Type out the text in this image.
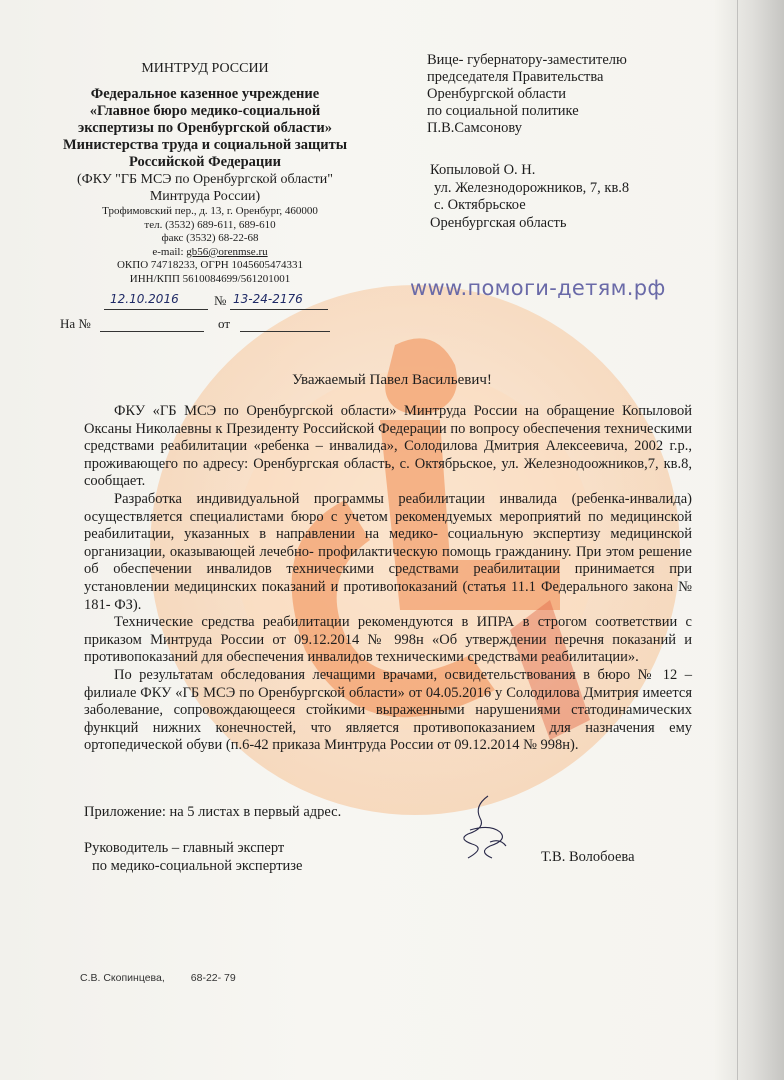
МИНТРУД РОССИИ
Федеральное казенное учреждение
«Главное бюро медико-социальной
экспертизы по Оренбургской области»
Министерства труда и социальной защиты
Российской Федерации
(ФКУ "ГБ МСЭ по Оренбургской области"
Минтруда России)
Трофимовский пер., д. 13, г. Оренбург, 460000
тел. (3532) 689-611, 689-610
факс (3532) 68-22-68
e-mail: gb56@orenmse.ru
ОКПО 74718233, ОГРН 1045605474331
ИНН/КПП 5610084699/561201001
12.10.2016	№ 13-24-2176
На №	от
Вице- губернатору-заместителю
председателя Правительства
Оренбургской области
по социальной политике
П.В.Самсонову
Копыловой О. Н.
ул. Железнодорожников, 7, кв.8
с. Октябрьское
Оренбургская область
www.помоги-детям.рф
Уважаемый Павел Васильевич!

ФКУ «ГБ МСЭ по Оренбургской области» Минтруда России на обращение Копыловой Оксаны Николаевны к Президенту Российской Федерации по вопросу обеспечения техническими средствами реабилитации «ребенка – инвалида», Солодилова Дмитрия Алексеевича, 2002 г.р., проживающего по адресу: Оренбургская область, с. Октябрьское, ул. Железнодоожников,7, кв.8, сообщает.

Разработка индивидуальной программы реабилитации инвалида (ребенка-инвалида) осуществляется специалистами бюро с учетом рекомендуемых мероприятий по медицинской реабилитации, указанных в направлении на медико- социальную экспертизу медицинской организации, оказывающей лечебно- профилактическую помощь гражданину. При этом решение об обеспечении инвалидов техническими средствами реабилитации принимается при установлении медицинских показаний и противопоказаний (статья 11.1 Федерального закона № 181- ФЗ).

Технические средства реабилитации рекомендуются в ИПРА в строгом соответствии с приказом Минтруда России от 09.12.2014 № 998н «Об утверждении перечня показаний и противопоказаний для обеспечения инвалидов техническими средствами реабилитации».

По результатам обследования лечащими врачами, освидетельствования в бюро № 12 – филиале ФКУ «ГБ МСЭ по Оренбургской области» от 04.05.2016 у Солодилова Дмитрия имеется заболевание, сопровождающееся стойкими выраженными нарушениями статодинамических функций нижних конечностей, что является противопоказанием для назначения ему ортопедической обуви (п.6-42 приказа Минтруда России от 09.12.2014 № 998н).

Приложение: на 5 листах в первый адрес.
Руководитель – главный эксперт
по медико-социальной экспертизе
Т.В. Волобоева
С.В. Скопинцева, 68-22- 79
